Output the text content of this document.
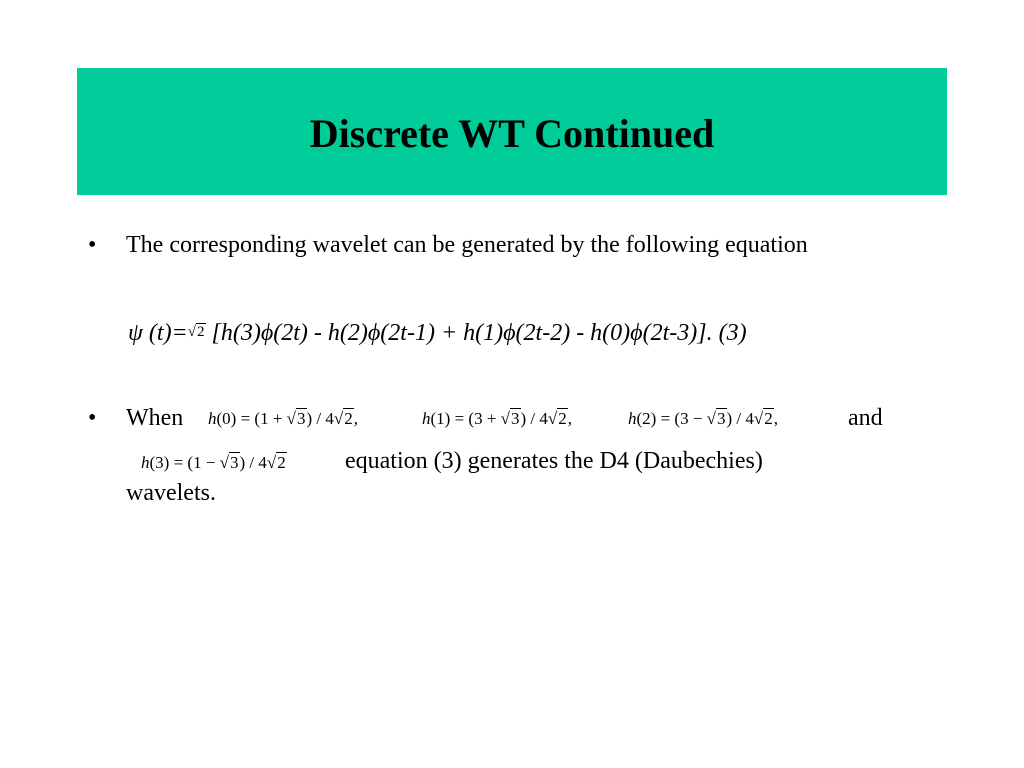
Discrete WT Continued
• The corresponding wavelet can be generated by the following equation
ψ (t)=√2 [h(3)ϕ(2t) - h(2)ϕ(2t-1) + h(1)ϕ(2t-2) - h(0)ϕ(2t-3)]. (3)
• When h(0) = (1 + √3) / 4√2,	h(1) = (3 + √3) / 4√2,	h(2) = (3 − √3) / 4√2,	and
h(3) = (1 − √3) / 4√2 equation (3) generates the D4 (Daubechies)
wavelets.
